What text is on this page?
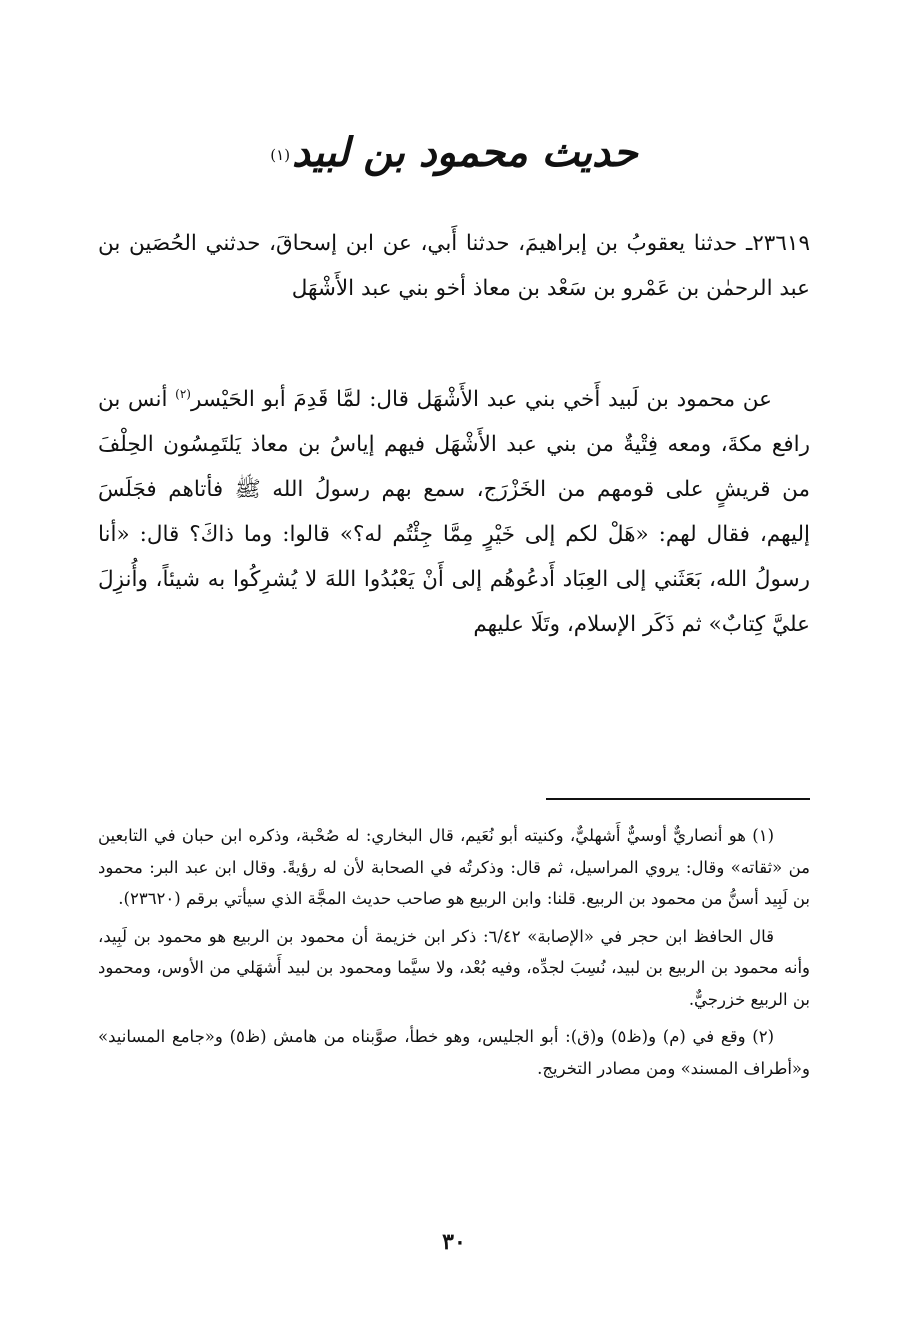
حديث محمود بن لبيد(١)

٢٣٦١٩ـ حدثنا يعقوبُ بن إبراهيمَ، حدثنا أَبي، عن ابن إسحاقَ، حدثني الحُصَين بن عبد الرحمٰن بن عَمْرو بن سَعْد بن معاذ أخو بني عبد الأَشْهَل

عن محمود بن لَبيد أَخي بني عبد الأَشْهَل قال: لمَّا قَدِمَ أبو الحَيْسر$^{(٢)}$ أنس بن رافع مكةَ، ومعه فِتْيةٌ من بني عبد الأَشْهَل فيهم إياسُ بن معاذ يَلتَمِسُون الحِلْفَ من قريشٍ على قومهم من الخَزْرَج، سمع بهم رسولُ الله ﷺ فأتاهم فجَلَسَ إليهم، فقال لهم: «هَلْ لكم إلى خَيْرٍ مِمَّا جِئْتُم له؟» قالوا: وما ذاكَ؟ قال: «أنا رسولُ الله، بَعَثَني إلى العِبَاد أَدعُوهُم إلى أَنْ يَعْبُدُوا اللهَ لا يُشرِكُوا به شيئاً، وأُنزِلَ عليَّ كِتابٌ» ثم ذَكَر الإسلام، وتَلَا عليهم

(١) هو أنصاريٌّ أوسيٌّ أَشهليٌّ، وكنيته أبو نُعَيم، قال البخاري: له صُحْبة، وذكره ابن حبان في التابعين من «ثقاته» وقال: يروي المراسيل، ثم قال: وذكرتُه في الصحابة لأن له رؤيةً. وقال ابن عبد البر: محمود بن لَبِيد أسنُّ من محمود بن الربيع. قلنا: وابن الربيع هو صاحب حديث المجَّة الذي سيأتي برقم (٢٣٦٢٠).

قال الحافظ ابن حجر في «الإصابة» ٦/٤٢: ذكر ابن خزيمة أن محمود بن الربيع هو محمود بن لَبِيد، وأنه محمود بن الربيع بن لبيد، نُسِبَ لجدِّه، وفيه بُعْد، ولا سيَّما ومحمود بن لبيد أَشهَلي من الأوس، ومحمود بن الربيع خزرجيٌّ.

(٢) وقع في (م) و(ظ٥) و(ق): أبو الجليس، وهو خطأ، صوَّبناه من هامش (ظ٥) و«جامع المسانيد» و«أطراف المسند» ومن مصادر التخريج.

٣٠
